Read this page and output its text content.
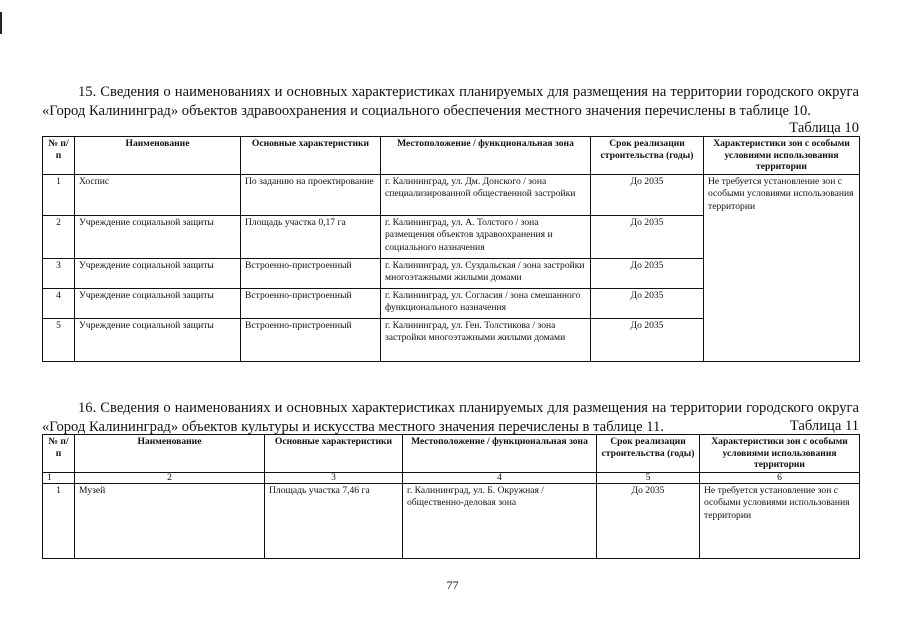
15. Сведения о наименованиях и основных характеристиках планируемых для размещения на территории городского округа «Город Калининград» объектов здравоохранения и социального обеспечения местного значения перечислены в таблице 10.

Таблица 10
№ п/п	Наименование	Основные характеристики	Местоположение / функциональная зона	Срок реализации строительства (годы)	Характеристики зон с особыми условиями использования территории
1	Хоспис	По заданию на проектирование	г. Калининград, ул. Дм. Донского / зона специализированной общественной застройки	До 2035	Не требуется установление зон с особыми условиями использования территории
2	Учреждение социальной защиты	Площадь участка 0,17 га	г. Калининград, ул. А. Толстого / зона размещения объектов здравоохранения и социального назначения	До 2035	
3	Учреждение социальной защиты	Встроенно-пристроенный	г. Калининград, ул. Суздальская / зона застройки многоэтажными жилыми домами	До 2035	
4	Учреждение социальной защиты	Встроенно-пристроенный	г. Калининград, ул. Согласия / зона смешанного функционального назначения	До 2035	
5	Учреждение социальной защиты	Встроенно-пристроенный	г. Калининград, ул. Ген. Толстикова / зона застройки многоэтажными жилыми домами	До 2035	

16. Сведения о наименованиях и основных характеристиках планируемых для размещения на территории городского округа «Город Калининград» объектов культуры и искусства местного значения перечислены в таблице 11.	Таблица 11
№ п/п	Наименование	Основные характеристики	Местоположение / функциональная зона	Срок реализации строительства (годы)	Характеристики зон с особыми условиями использования территории
1	2	3	4	5	6
1	Музей	Площадь участка 7,46 га	г. Калининград, ул. Б. Окружная / общественно-деловая зона	До 2035	Не требуется установление зон с особыми условиями использования территории
77
